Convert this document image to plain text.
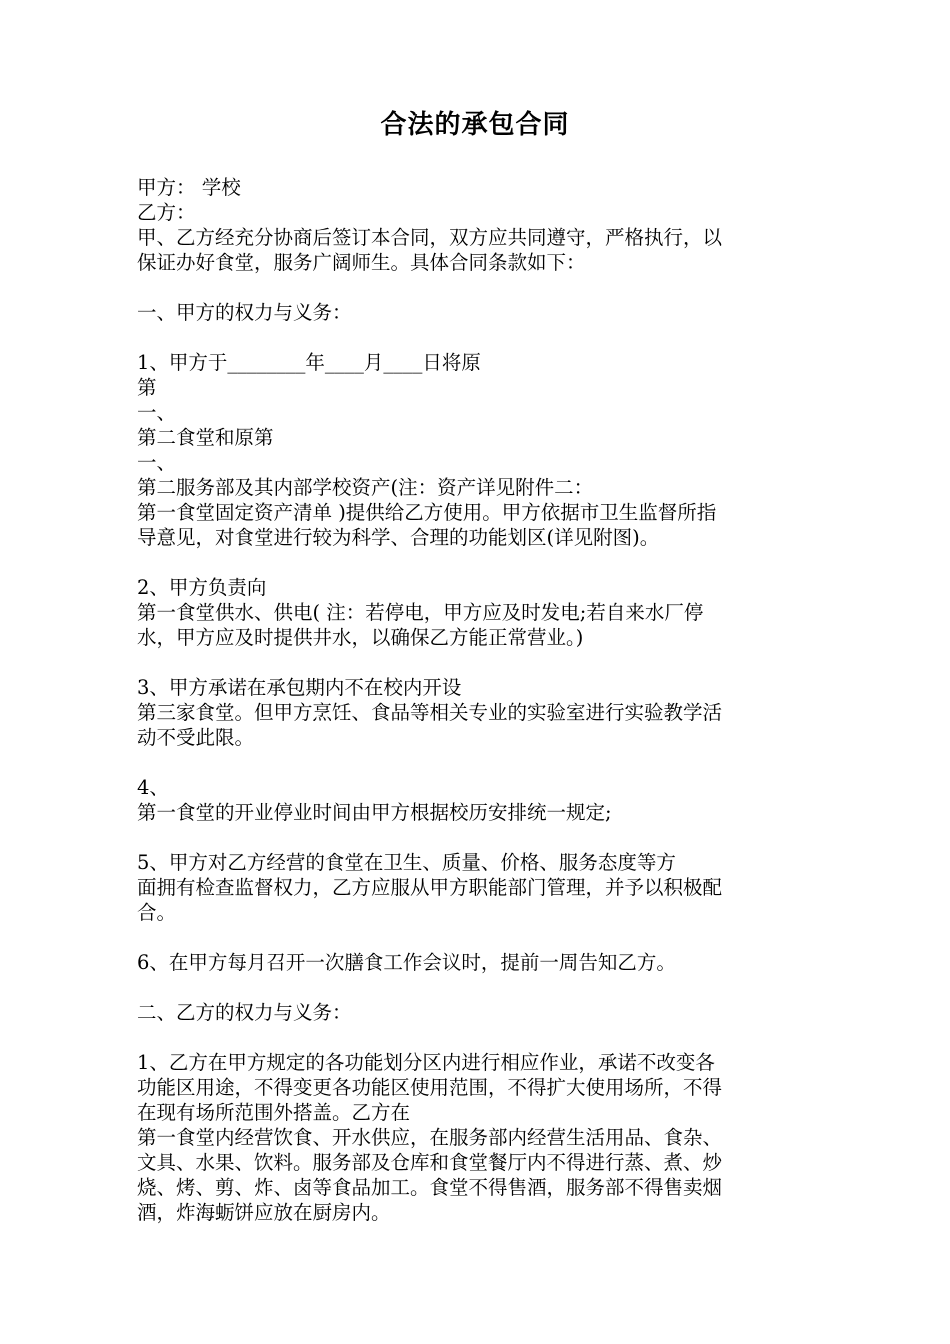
合法的承包合同
甲方： 学校
乙方：
甲、乙方经充分协商后签订本合同，双方应共同遵守，严格执行，以
保证办好食堂，服务广阔师生。具体合同条款如下：
一、甲方的权力与义务：
1、甲方于________年____月____日将原
第
一、
第二食堂和原第
一、
第二服务部及其内部学校资产(注：资产详见附件二：
第一食堂固定资产清单 )提供给乙方使用。甲方依据市卫生监督所指
导意见，对食堂进行较为科学、合理的功能划区(详见附图)。
2、甲方负责向
第一食堂供水、供电( 注：若停电，甲方应及时发电;若自来水厂停
水，甲方应及时提供井水，以确保乙方能正常营业。)
3、甲方承诺在承包期内不在校内开设
第三家食堂。但甲方烹饪、食品等相关专业的实验室进行实验教学活
动不受此限。
4、
第一食堂的开业停业时间由甲方根据校历安排统一规定;
5、甲方对乙方经营的食堂在卫生、质量、价格、服务态度等方
面拥有检查监督权力，乙方应服从甲方职能部门管理，并予以积极配
合。
6、在甲方每月召开一次膳食工作会议时，提前一周告知乙方。
二、乙方的权力与义务：
1、乙方在甲方规定的各功能划分区内进行相应作业，承诺不改变各
功能区用途，不得变更各功能区使用范围，不得扩大使用场所，不得
在现有场所范围外搭盖。乙方在
第一食堂内经营饮食、开水供应，在服务部内经营生活用品、食杂、
文具、水果、饮料。服务部及仓库和食堂餐厅内不得进行蒸、煮、炒
烧、烤、剪、炸、卤等食品加工。食堂不得售酒，服务部不得售卖烟
酒，炸海蛎饼应放在厨房内。
